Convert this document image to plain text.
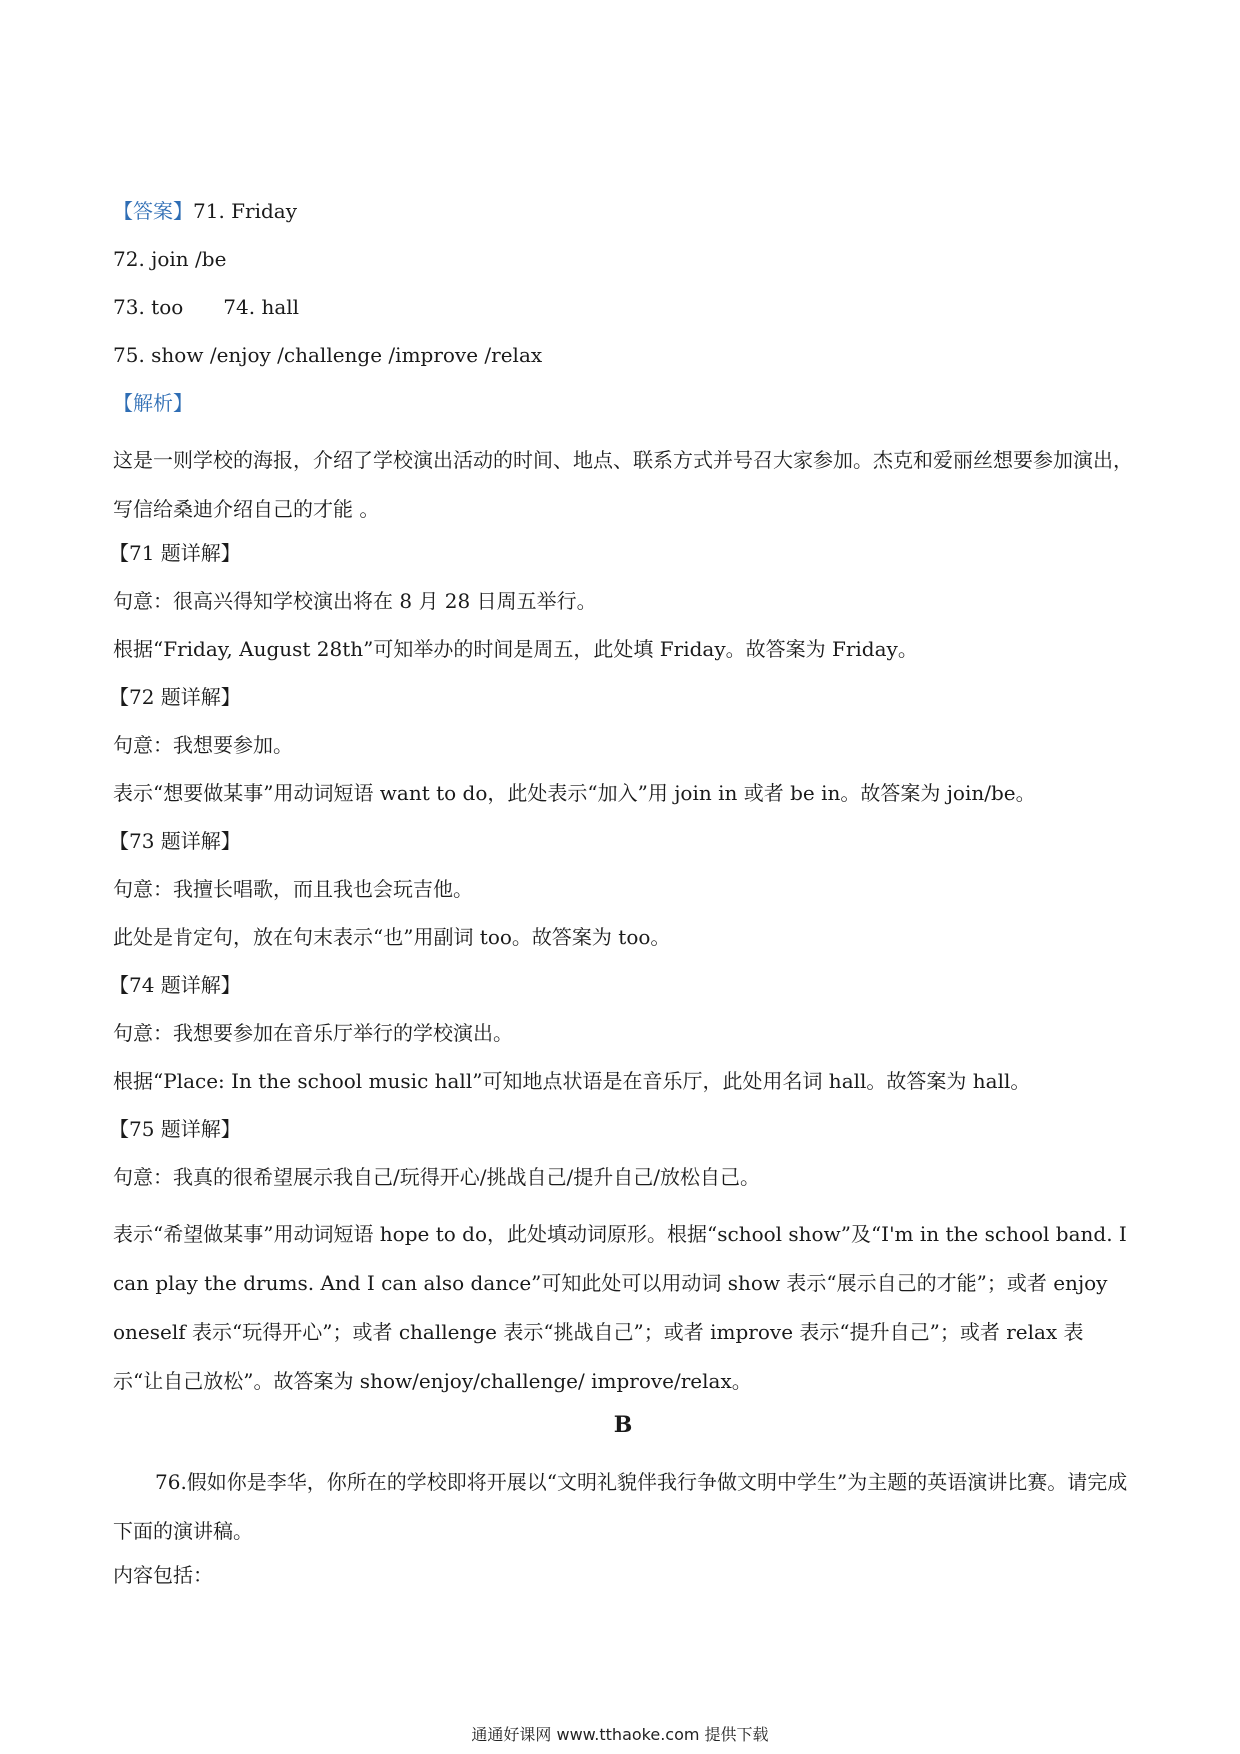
【答案】71. Friday

72. join /be

73. too 74. hall

75. show /enjoy /challenge /improve /relax

【解析】

这是一则学校的海报，介绍了学校演出活动的时间、地点、联系方式并号召大家参加。杰克和爱丽丝想要参加演出，写信给桑迪介绍自己的才能 。

【71 题详解】

句意：很高兴得知学校演出将在 8 月 28 日周五举行。

根据“Friday, August 28th”可知举办的时间是周五，此处填 Friday。故答案为 Friday。

【72 题详解】

句意：我想要参加。

表示“想要做某事”用动词短语 want to do，此处表示“加入”用 join in 或者 be in。故答案为 join/be。

【73 题详解】

句意：我擅长唱歌，而且我也会玩吉他。

此处是肯定句，放在句末表示“也”用副词 too。故答案为 too。

【74 题详解】

句意：我想要参加在音乐厅举行的学校演出。

根据“Place: In the school music hall”可知地点状语是在音乐厅，此处用名词 hall。故答案为 hall。

【75 题详解】

句意：我真的很希望展示我自己/玩得开心/挑战自己/提升自己/放松自己。

表示“希望做某事”用动词短语 hope to do，此处填动词原形。根据“school show”及“I'm in the school band. I can play the drums. And I can also dance”可知此处可以用动词 show 表示“展示自己的才能”；或者 enjoy oneself 表示“玩得开心”；或者 challenge 表示“挑战自己”；或者 improve 表示“提升自己”；或者 relax 表示“让自己放松”。故答案为 show/enjoy/challenge/ improve/relax。

B

76.假如你是李华，你所在的学校即将开展以“文明礼貌伴我行争做文明中学生”为主题的英语演讲比赛。请完成下面的演讲稿。

内容包括：

通通好课网 www.tthaoke.com 提供下载
